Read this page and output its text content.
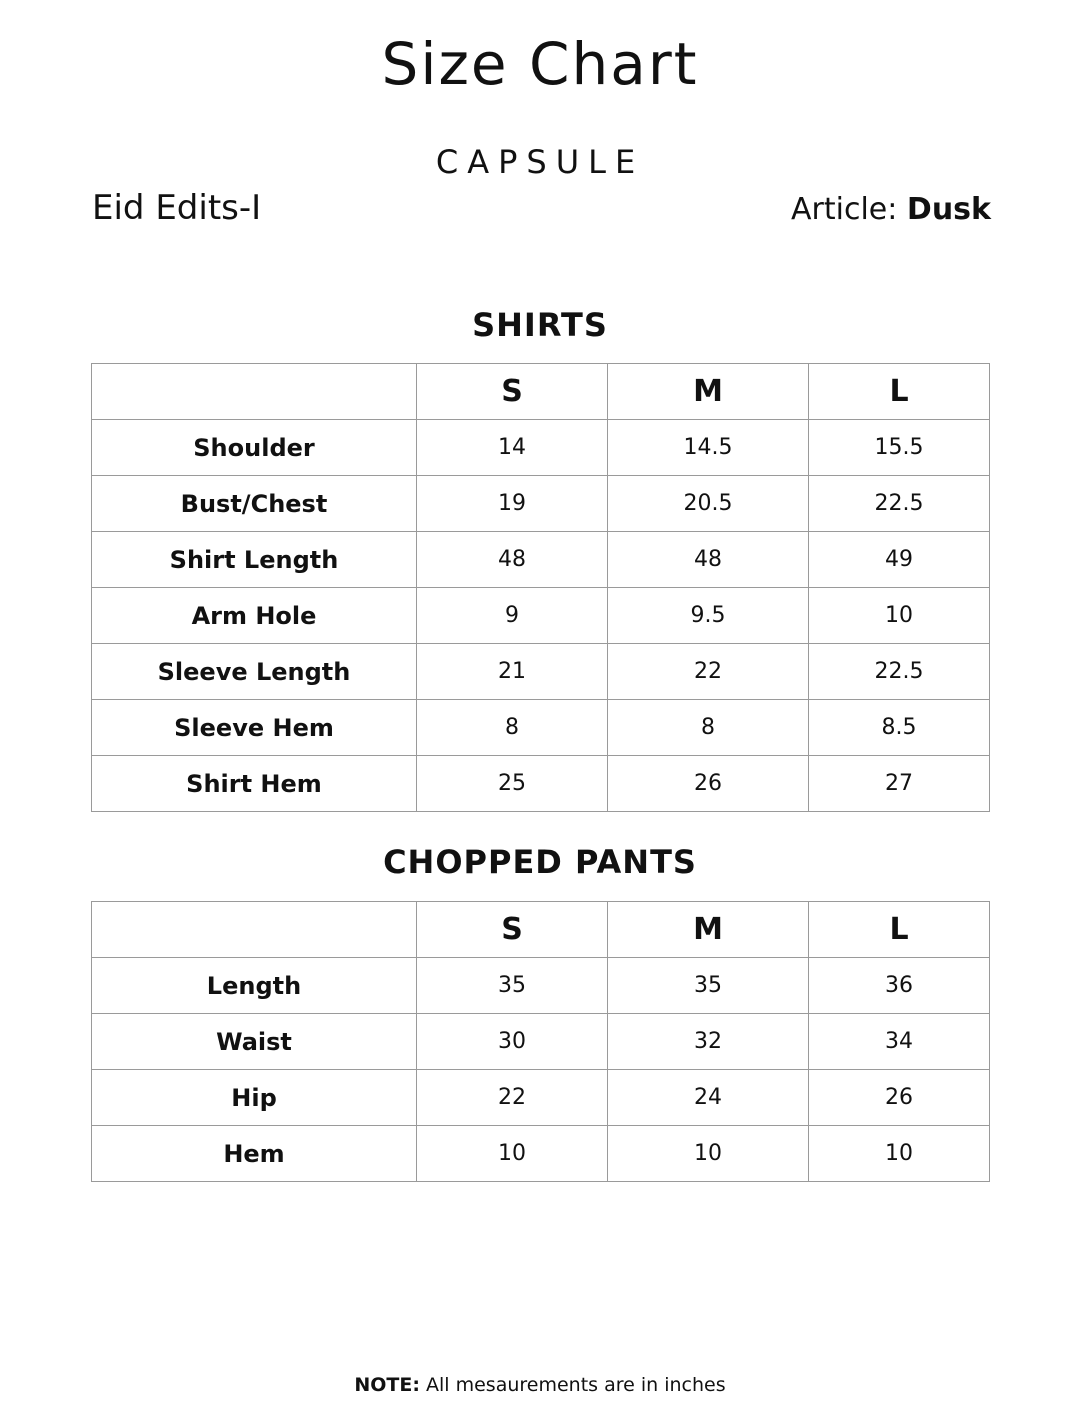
Size Chart
CAPSULE
Eid Edits-I	Article: Dusk
SHIRTS
	S	M	L
Shoulder	14	14.5	15.5
Bust/Chest	19	20.5	22.5
Shirt Length	48	48	49
Arm Hole	9	9.5	10
Sleeve Length	21	22	22.5
Sleeve Hem	8	8	8.5
Shirt Hem	25	26	27
CHOPPED PANTS
	S	M	L
Length	35	35	36
Waist	30	32	34
Hip	22	24	26
Hem	10	10	10
NOTE: All mesaurements are in inches
